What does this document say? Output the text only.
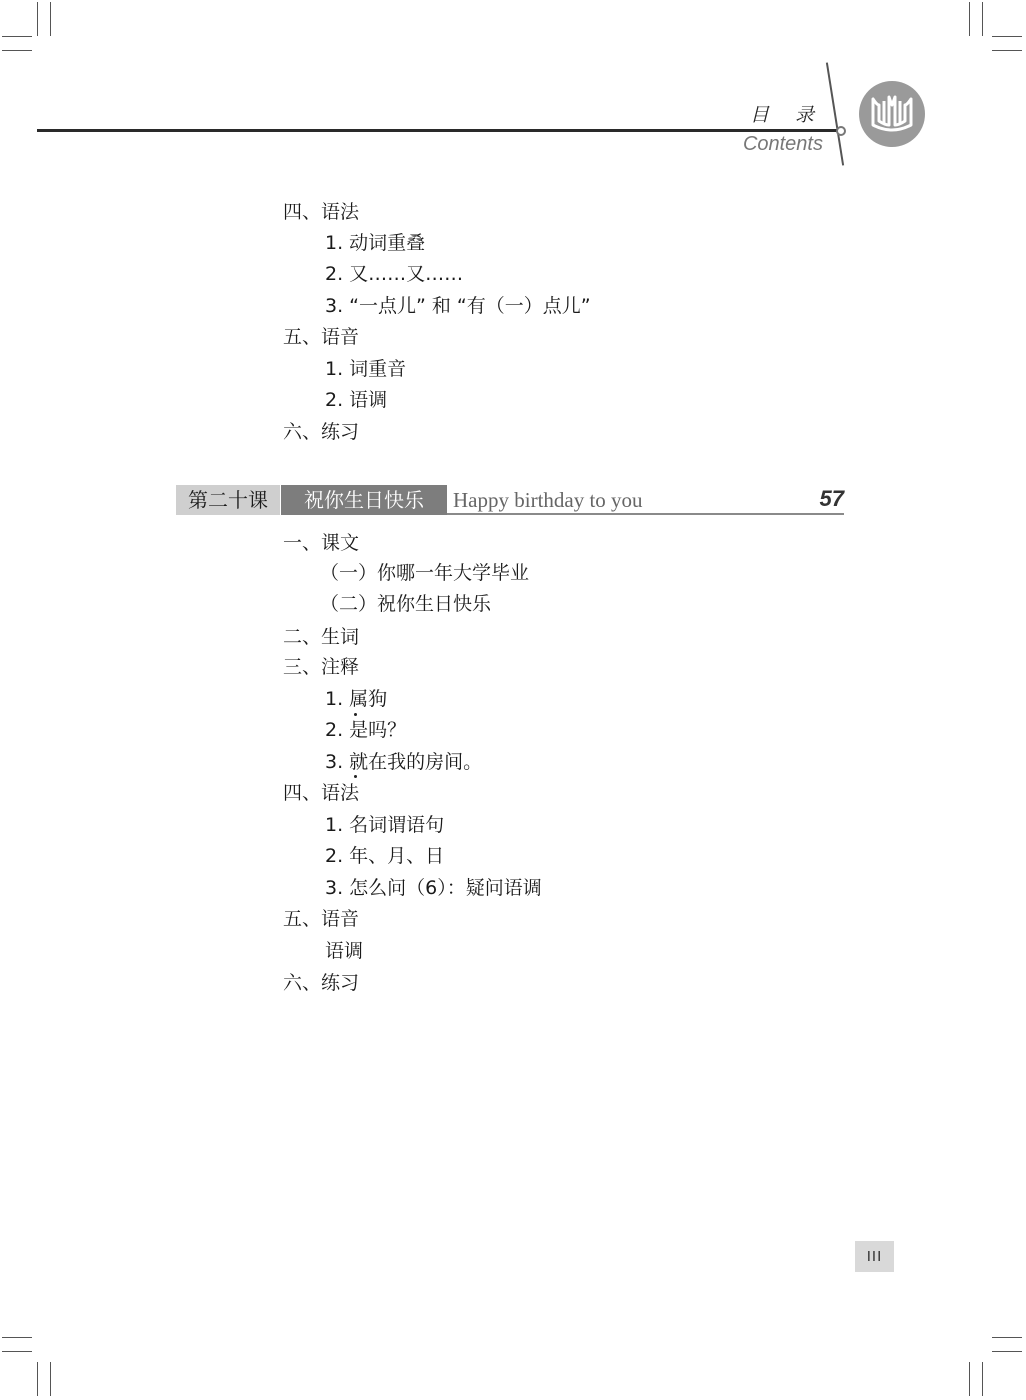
目 录
Contents
四、语法
1. 动词重叠
2. 又……又……
3. “一点儿” 和 “有（一）点儿”
五、语音
1. 词重音
2. 语调
六、练习
第二十课	祝你生日快乐	Happy birthday to you	57
一、课文
（一）你哪一年大学毕业
（二）祝你生日快乐
二、生词
三、注释
1. 属狗
2. 是吗？
3. 就在我的房间。
四、语法
1. 名词谓语句
2. 年、月、日
3. 怎么问（6）：疑问语调
五、语音
语调
六、练习
III
